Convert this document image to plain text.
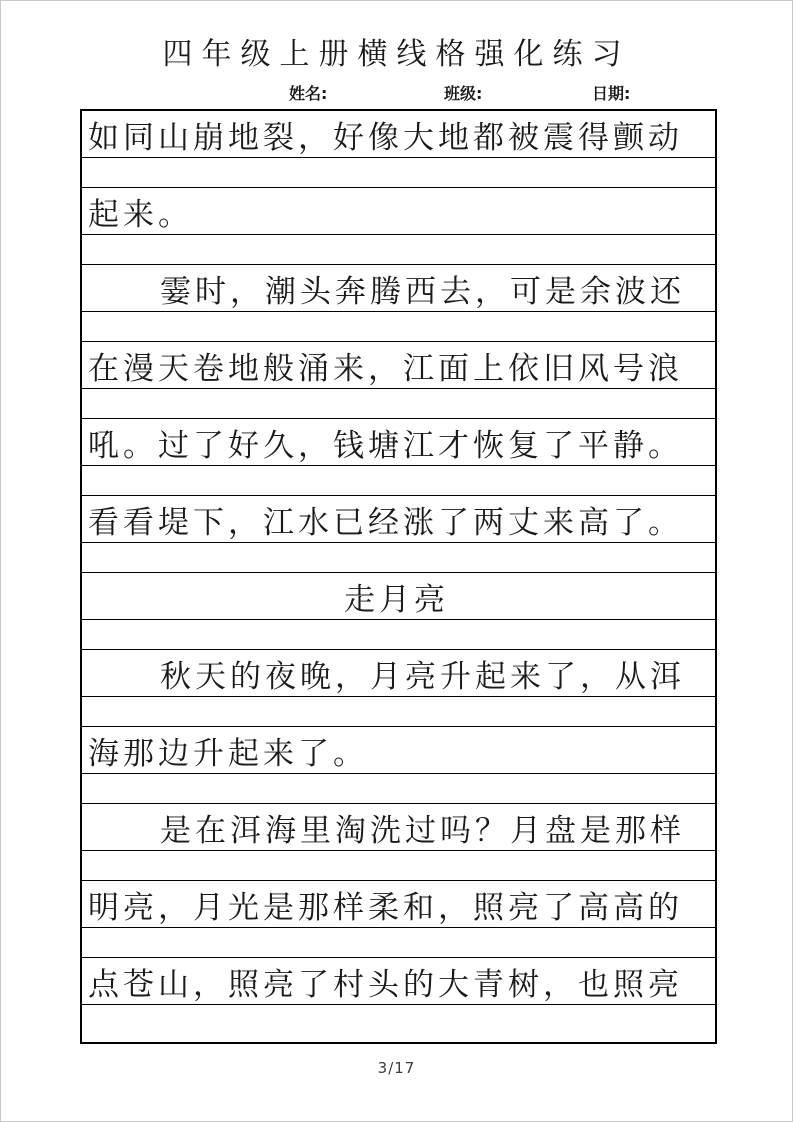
四年级上册横线格强化练习
姓名:	班级:	日期:
如同山崩地裂，好像大地都被震得颤动
起来。
霎时，潮头奔腾西去，可是余波还
在漫天卷地般涌来，江面上依旧风号浪
吼。过了好久，钱塘江才恢复了平静。
看看堤下，江水已经涨了两丈来高了。
走月亮
秋天的夜晚，月亮升起来了，从洱
海那边升起来了。
是在洱海里淘洗过吗？月盘是那样
明亮，月光是那样柔和，照亮了高高的
点苍山，照亮了村头的大青树，也照亮
3/17
